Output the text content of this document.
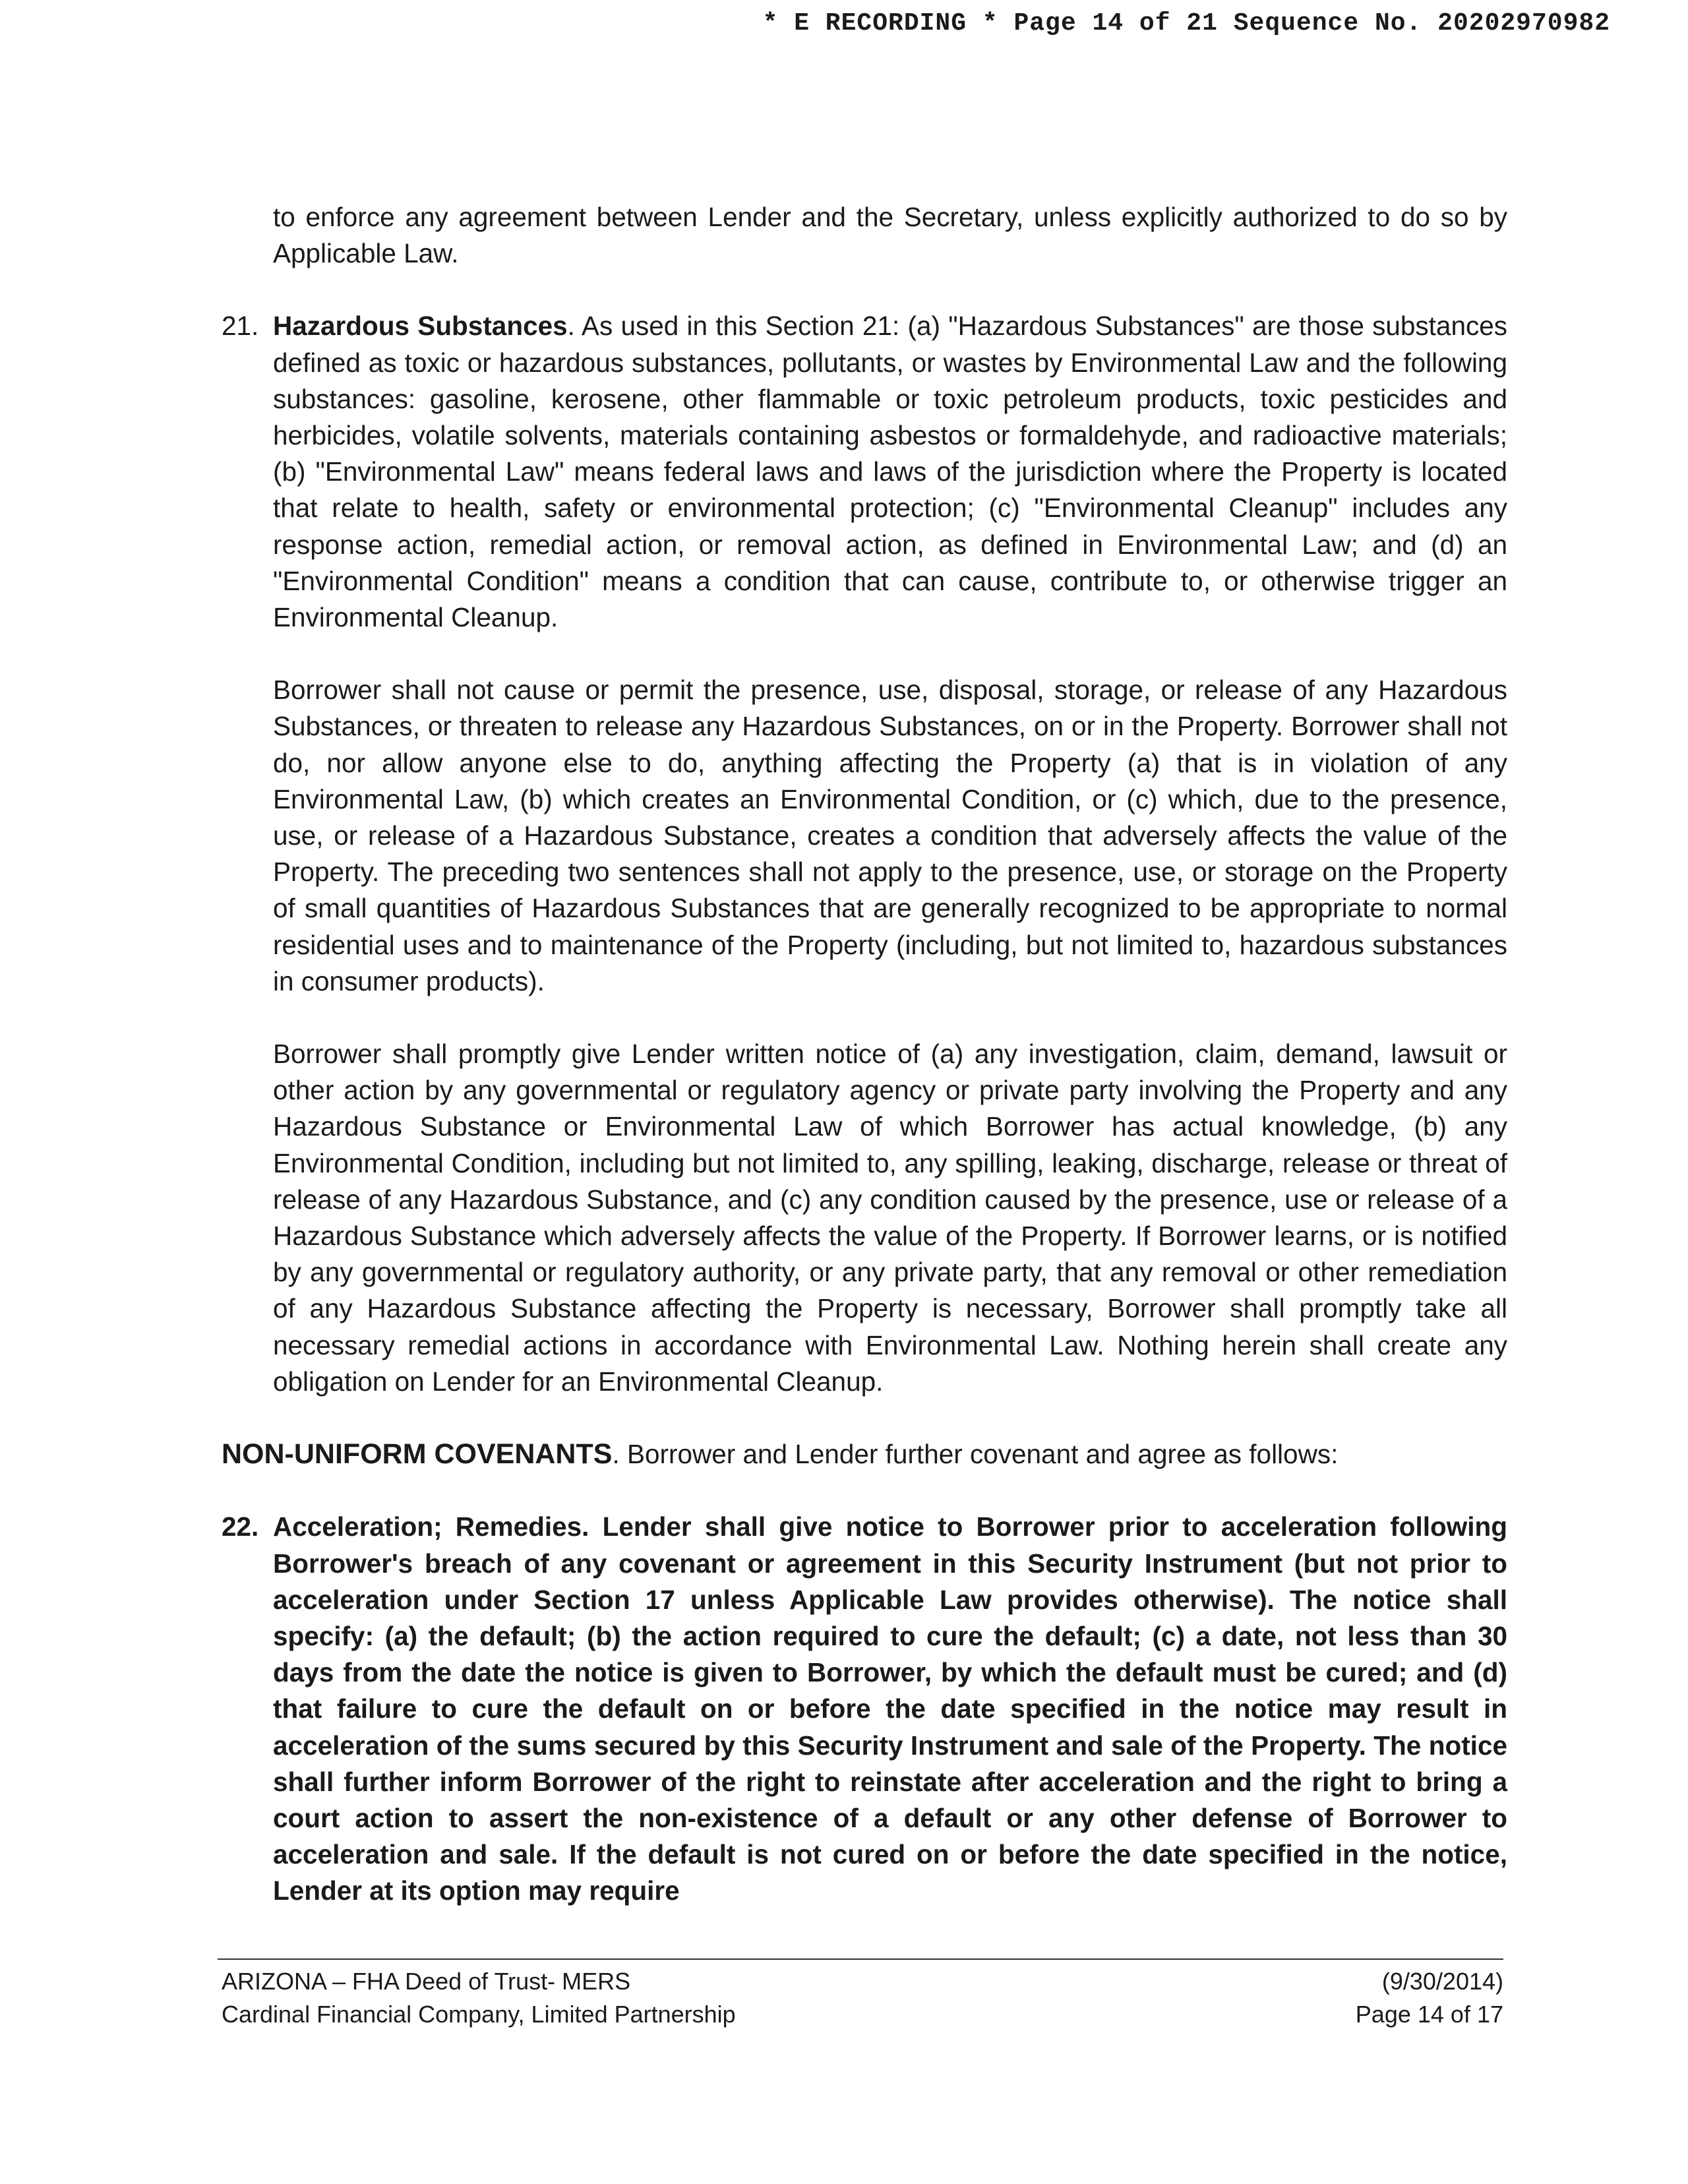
* E RECORDING * Page 14 of 21 Sequence No. 20202970982

to enforce any agreement between Lender and the Secretary, unless explicitly authorized to do so by Applicable Law.

21. Hazardous Substances. As used in this Section 21: (a) "Hazardous Substances" are those substances defined as toxic or hazardous substances, pollutants, or wastes by Environmental Law and the following substances: gasoline, kerosene, other flammable or toxic petroleum products, toxic pesticides and herbicides, volatile solvents, materials containing asbestos or formaldehyde, and radioactive materials; (b) "Environmental Law" means federal laws and laws of the jurisdiction where the Property is located that relate to health, safety or environmental protection; (c) "Environmental Cleanup" includes any response action, remedial action, or removal action, as defined in Environmental Law; and (d) an "Environmental Condition" means a condition that can cause, contribute to, or otherwise trigger an Environmental Cleanup.

Borrower shall not cause or permit the presence, use, disposal, storage, or release of any Hazardous Substances, or threaten to release any Hazardous Substances, on or in the Property. Borrower shall not do, nor allow anyone else to do, anything affecting the Property (a) that is in violation of any Environmental Law, (b) which creates an Environmental Condition, or (c) which, due to the presence, use, or release of a Hazardous Substance, creates a condition that adversely affects the value of the Property. The preceding two sentences shall not apply to the presence, use, or storage on the Property of small quantities of Hazardous Substances that are generally recognized to be appropriate to normal residential uses and to maintenance of the Property (including, but not limited to, hazardous substances in consumer products).

Borrower shall promptly give Lender written notice of (a) any investigation, claim, demand, lawsuit or other action by any governmental or regulatory agency or private party involving the Property and any Hazardous Substance or Environmental Law of which Borrower has actual knowledge, (b) any Environmental Condition, including but not limited to, any spilling, leaking, discharge, release or threat of release of any Hazardous Substance, and (c) any condition caused by the presence, use or release of a Hazardous Substance which adversely affects the value of the Property. If Borrower learns, or is notified by any governmental or regulatory authority, or any private party, that any removal or other remediation of any Hazardous Substance affecting the Property is necessary, Borrower shall promptly take all necessary remedial actions in accordance with Environmental Law. Nothing herein shall create any obligation on Lender for an Environmental Cleanup.

NON-UNIFORM COVENANTS. Borrower and Lender further covenant and agree as follows:

22. Acceleration; Remedies. Lender shall give notice to Borrower prior to acceleration following Borrower's breach of any covenant or agreement in this Security Instrument (but not prior to acceleration under Section 17 unless Applicable Law provides otherwise). The notice shall specify: (a) the default; (b) the action required to cure the default; (c) a date, not less than 30 days from the date the notice is given to Borrower, by which the default must be cured; and (d) that failure to cure the default on or before the date specified in the notice may result in acceleration of the sums secured by this Security Instrument and sale of the Property. The notice shall further inform Borrower of the right to reinstate after acceleration and the right to bring a court action to assert the non-existence of a default or any other defense of Borrower to acceleration and sale. If the default is not cured on or before the date specified in the notice, Lender at its option may require
ARIZONA – FHA Deed of Trust- MERS	(9/30/2014)
Cardinal Financial Company, Limited Partnership	Page 14 of 17
